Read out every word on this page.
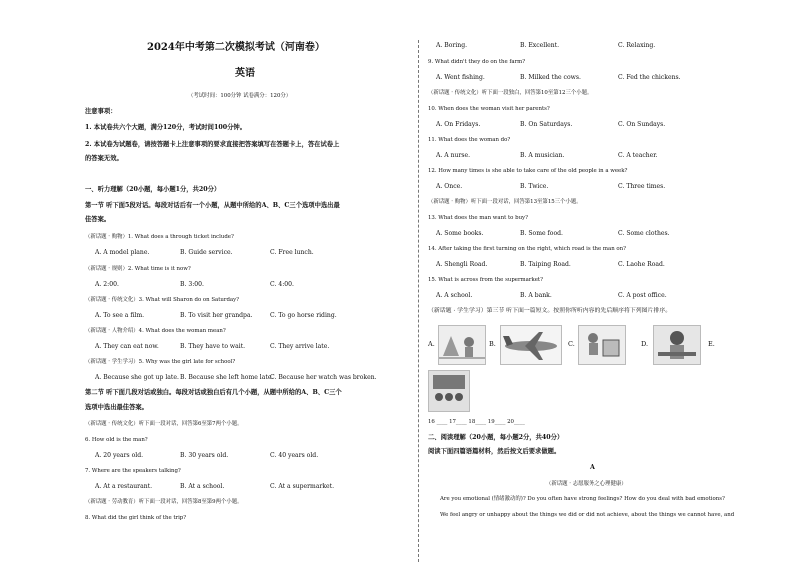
2024年中考第二次模拟考试（河南卷）
英语
（考试时间：100分钟 试卷满分：120分）
注意事项：
1. 本试卷共六个大题，满分120分，考试时间100分钟。
2. 本试卷为试题卷，请按答题卡上注意事项的要求直接把答案填写在答题卡上，答在试卷上
的答案无效。
一、听力理解（20小题，每小题1分，共20分）
第一节 听下面5段对话。每段对话后有一个小题，从题中所给的A、B、C三个选项中选出最
佳答案。
（新话题 · 购物）1. What does a through ticket include?
A. A model plane.	B. Guide service.	C. Free lunch.
（新话题 · 规则）2. What time is it now?
A. 2:00.	B. 3:00.	C. 4:00.
（新话题 · 传统文化）3. What will Sharon do on Saturday?
A. To see a film.	B. To visit her grandpa.	C. To go horse riding.
（新话题 · 人物介绍）4. What does the woman mean?
A. They can eat now.	B. They have to wait.	C. They arrive late.
（新话题 · 学生学习）5. Why was the girl late for school?
A. Because she got up late. B. Because she left home late.
C. Because her watch was broken.
第二节 听下面几段对话或独白。每段对话或独白后有几个小题，从题中所给的A、B、C三个
选项中选出最佳答案。
（新话题 · 传统文化）听下面一段对话，回答第6至第7两个小题。
6. How old is the man?
A. 20 years old.	B. 30 years old.	C. 40 years old.
7. Where are the speakers talking?
A. At a restaurant.	B. At a school.	C. At a supermarket.
（新话题 · 劳动教育）听下面一段对话，回答第8至第9两个小题。
8. What did the girl think of the trip?
A. Boring.	B. Excellent.	C. Relaxing.
9. What didn't they do on the farm?
A. Went fishing.	B. Milked the cows.	C. Fed the chickens.
（新话题 · 传统文化）听下面一段独白，回答第10至第12三个小题。
10. When does the woman visit her parents?
A. On Fridays.	B. On Saturdays.	C. On Sundays.
11. What does the woman do?
A. A nurse.	B. A musician.	C. A teacher.
12. How many times is she able to take care of the old people in a week?
A. Once.	B. Twice.	C. Three times.
（新话题 · 购物）听下面一段对话，回答第13至第15三个小题。
13. What does the man want to buy?
A. Some books.	B. Some food.	C. Some clothes.
14. After taking the first turning on the right, which road is the man on?
A. Shengli Road.	B. Taiping Road.	C. Laohe Road.
15. What is across from the supermarket?
A. A school.	B. A bank.	C. A post office.
（新话题 · 学生学习）第三节 听下面一篇短文。按照你所听内容的先后顺序将下列图片排序。
A.	B.	C.	D.	E.
16 ____ 17____ 18____ 19____ 20____
二、阅读理解（20小题，每小题2分，共40分）
阅读下面四篇语篇材料，然后按文后要求做题。
A
（新话题 · 志愿服务之心理健康）
Are you emotional (情绪激动的)? Do you often have strong feelings? How do you deal with bad emotions?
We feel angry or unhappy about the things we did or did not achieve, about the things we cannot have, and
